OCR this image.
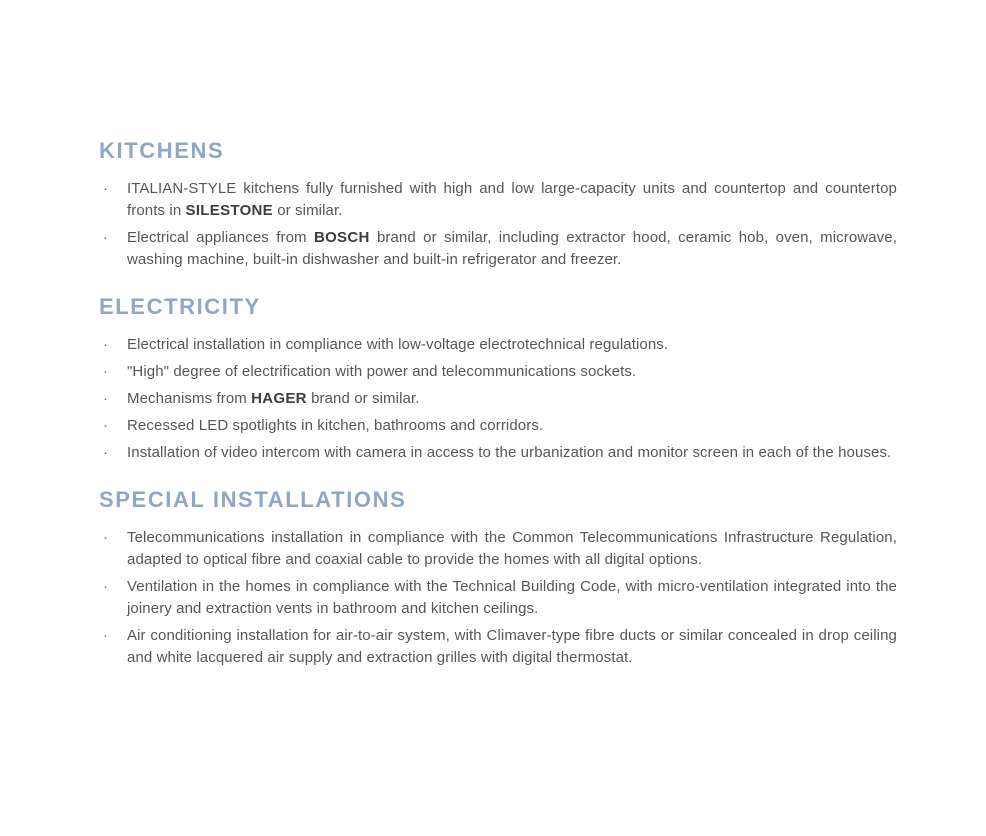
KITCHENS
·	ITALIAN-STYLE kitchens fully furnished with high and low large-capacity units and countertop and countertop fronts in SILESTONE or similar.

·	Electrical appliances from BOSCH brand or similar, including extractor hood, ceramic hob, oven, microwave, washing machine, built-in dishwasher and built-in refrigerator and freezer.

ELECTRICITY
·	Electrical installation in compliance with low-voltage electrotechnical regulations.

·	"High" degree of electrification with power and telecommunications sockets.

·	Mechanisms from HAGER brand or similar.

·	Recessed LED spotlights in kitchen, bathrooms and corridors.

·	Installation of video intercom with camera in access to the urbanization and monitor screen in each of the houses.

SPECIAL INSTALLATIONS
·	Telecommunications installation in compliance with the Common Telecommunications Infrastructure Regulation, adapted to optical fibre and coaxial cable to provide the homes with all digital options.

·	Ventilation in the homes in compliance with the Technical Building Code, with micro-ventilation integrated into the joinery and extraction vents in bathroom and kitchen ceilings.

·	Air conditioning installation for air-to-air system, with Climaver-type fibre ducts or similar concealed in drop ceiling and white lacquered air supply and extraction grilles with digital thermostat.
